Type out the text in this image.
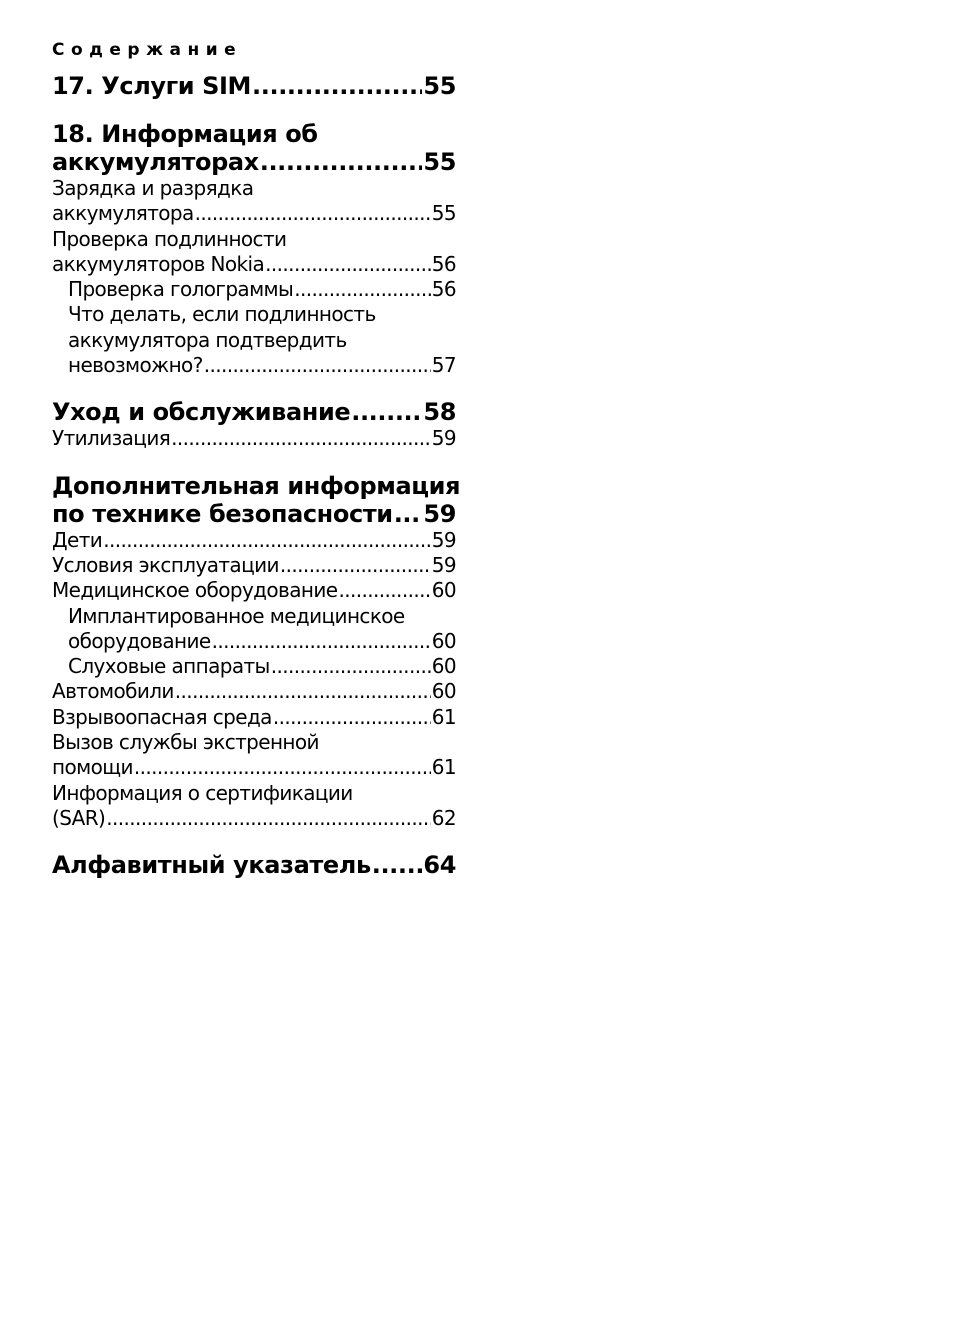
Содержание
17. Услуги SIM .....	55
18. Информация об
аккумуляторах .....	55
Зарядка и разрядка
аккумулятора .....	55
Проверка подлинности
аккумуляторов Nokia .....	56
Проверка голограммы .....	56
Что делать, если подлинность
аккумулятора подтвердить
невозможно? .....	57
Уход и обслуживание .....	58
Утилизация .....	59
Дополнительная информация
по технике безопасности ..... 59
Дети .....	59
Условия эксплуатации .....	59
Медицинское оборудование .....	60
Имплантированное медицинское
оборудование .....	60
Слуховые аппараты .....	60
Автомобили .....	60
Взрывоопасная среда .....	61
Вызов службы экстренной
помощи .....	61
Информация о сертификации
(SAR) .....	62
Алфавитный указатель ..... 64
